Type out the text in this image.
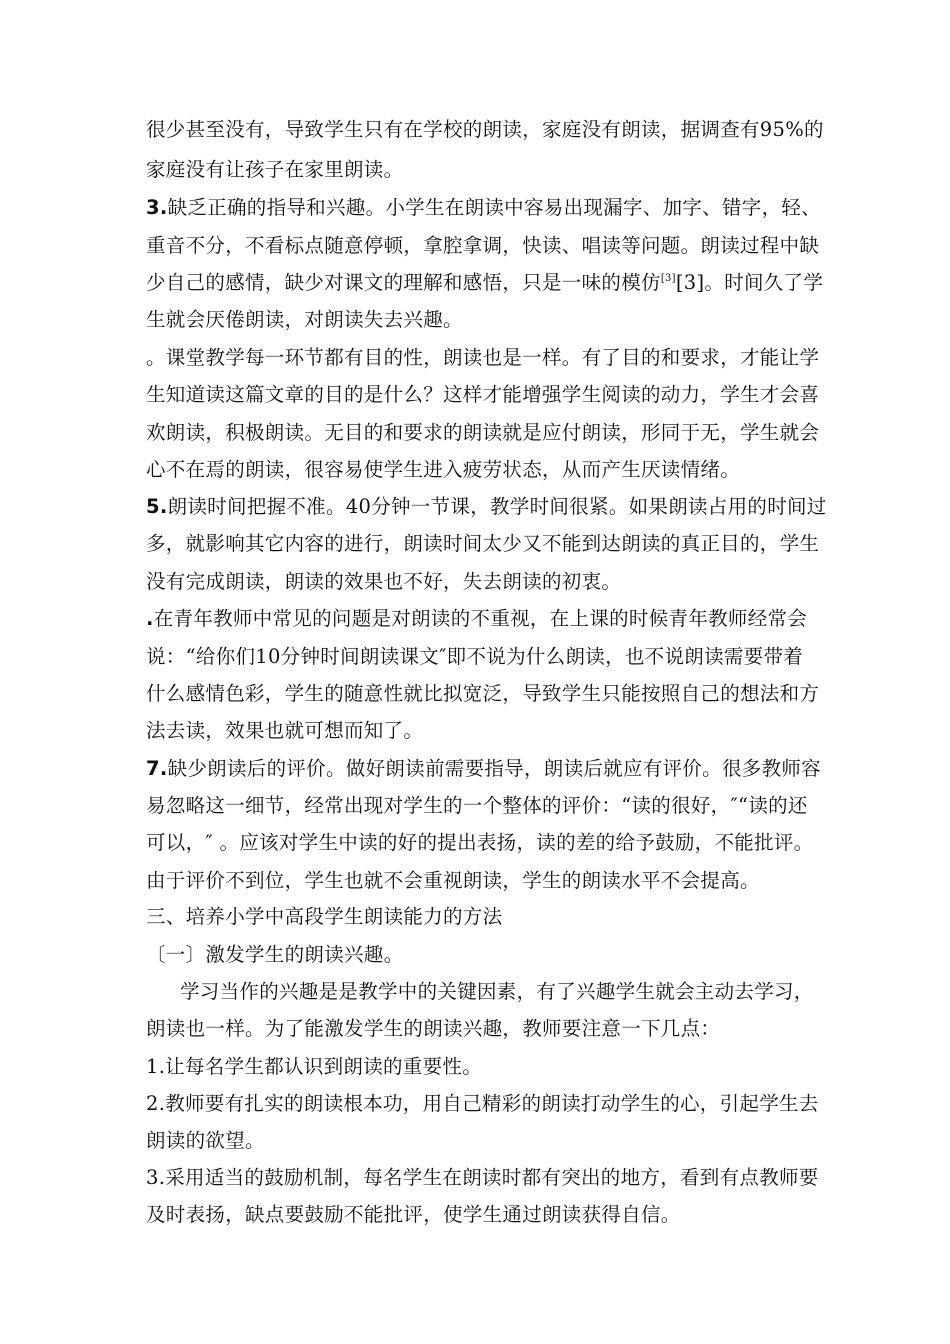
很少甚至没有，导致学生只有在学校的朗读，家庭没有朗读，据调查有95%的
家庭没有让孩子在家里朗读。
3.缺乏正确的指导和兴趣。小学生在朗读中容易出现漏字、加字、错字，轻、
重音不分，不看标点随意停顿，拿腔拿调，快读、唱读等问题。朗读过程中缺
少自己的感情，缺少对课文的理解和感悟，只是一味的模仿[3][3]。时间久了学
生就会厌倦朗读，对朗读失去兴趣。
。课堂教学每一环节都有目的性，朗读也是一样。有了目的和要求，才能让学
生知道读这篇文章的目的是什么？这样才能增强学生阅读的动力，学生才会喜
欢朗读，积极朗读。无目的和要求的朗读就是应付朗读，形同于无，学生就会
心不在焉的朗读，很容易使学生进入疲劳状态，从而产生厌读情绪。
5.朗读时间把握不准。40分钟一节课，教学时间很紧。如果朗读占用的时间过
多，就影响其它内容的进行，朗读时间太少又不能到达朗读的真正目的，学生
没有完成朗读，朗读的效果也不好，失去朗读的初衷。
.在青年教师中常见的问题是对朗读的不重视，在上课的时候青年教师经常会
说：“给你们10分钟时间朗读课文″即不说为什么朗读，也不说朗读需要带着
什么感情色彩，学生的随意性就比拟宽泛，导致学生只能按照自己的想法和方
法去读，效果也就可想而知了。
7.缺少朗读后的评价。做好朗读前需要指导，朗读后就应有评价。很多教师容
易忽略这一细节，经常出现对学生的一个整体的评价：“读的很好，″“读的还
可以，″ 。应该对学生中读的好的提出表扬，读的差的给予鼓励，不能批评。
由于评价不到位，学生也就不会重视朗读，学生的朗读水平不会提高。
三、培养小学中高段学生朗读能力的方法
〔一〕激发学生的朗读兴趣。
学习当作的兴趣是是教学中的关键因素，有了兴趣学生就会主动去学习，
朗读也一样。为了能激发学生的朗读兴趣，教师要注意一下几点：
1.让每名学生都认识到朗读的重要性。
2.教师要有扎实的朗读根本功，用自己精彩的朗读打动学生的心，引起学生去
朗读的欲望。
3.采用适当的鼓励机制，每名学生在朗读时都有突出的地方，看到有点教师要
及时表扬，缺点要鼓励不能批评，使学生通过朗读获得自信。
